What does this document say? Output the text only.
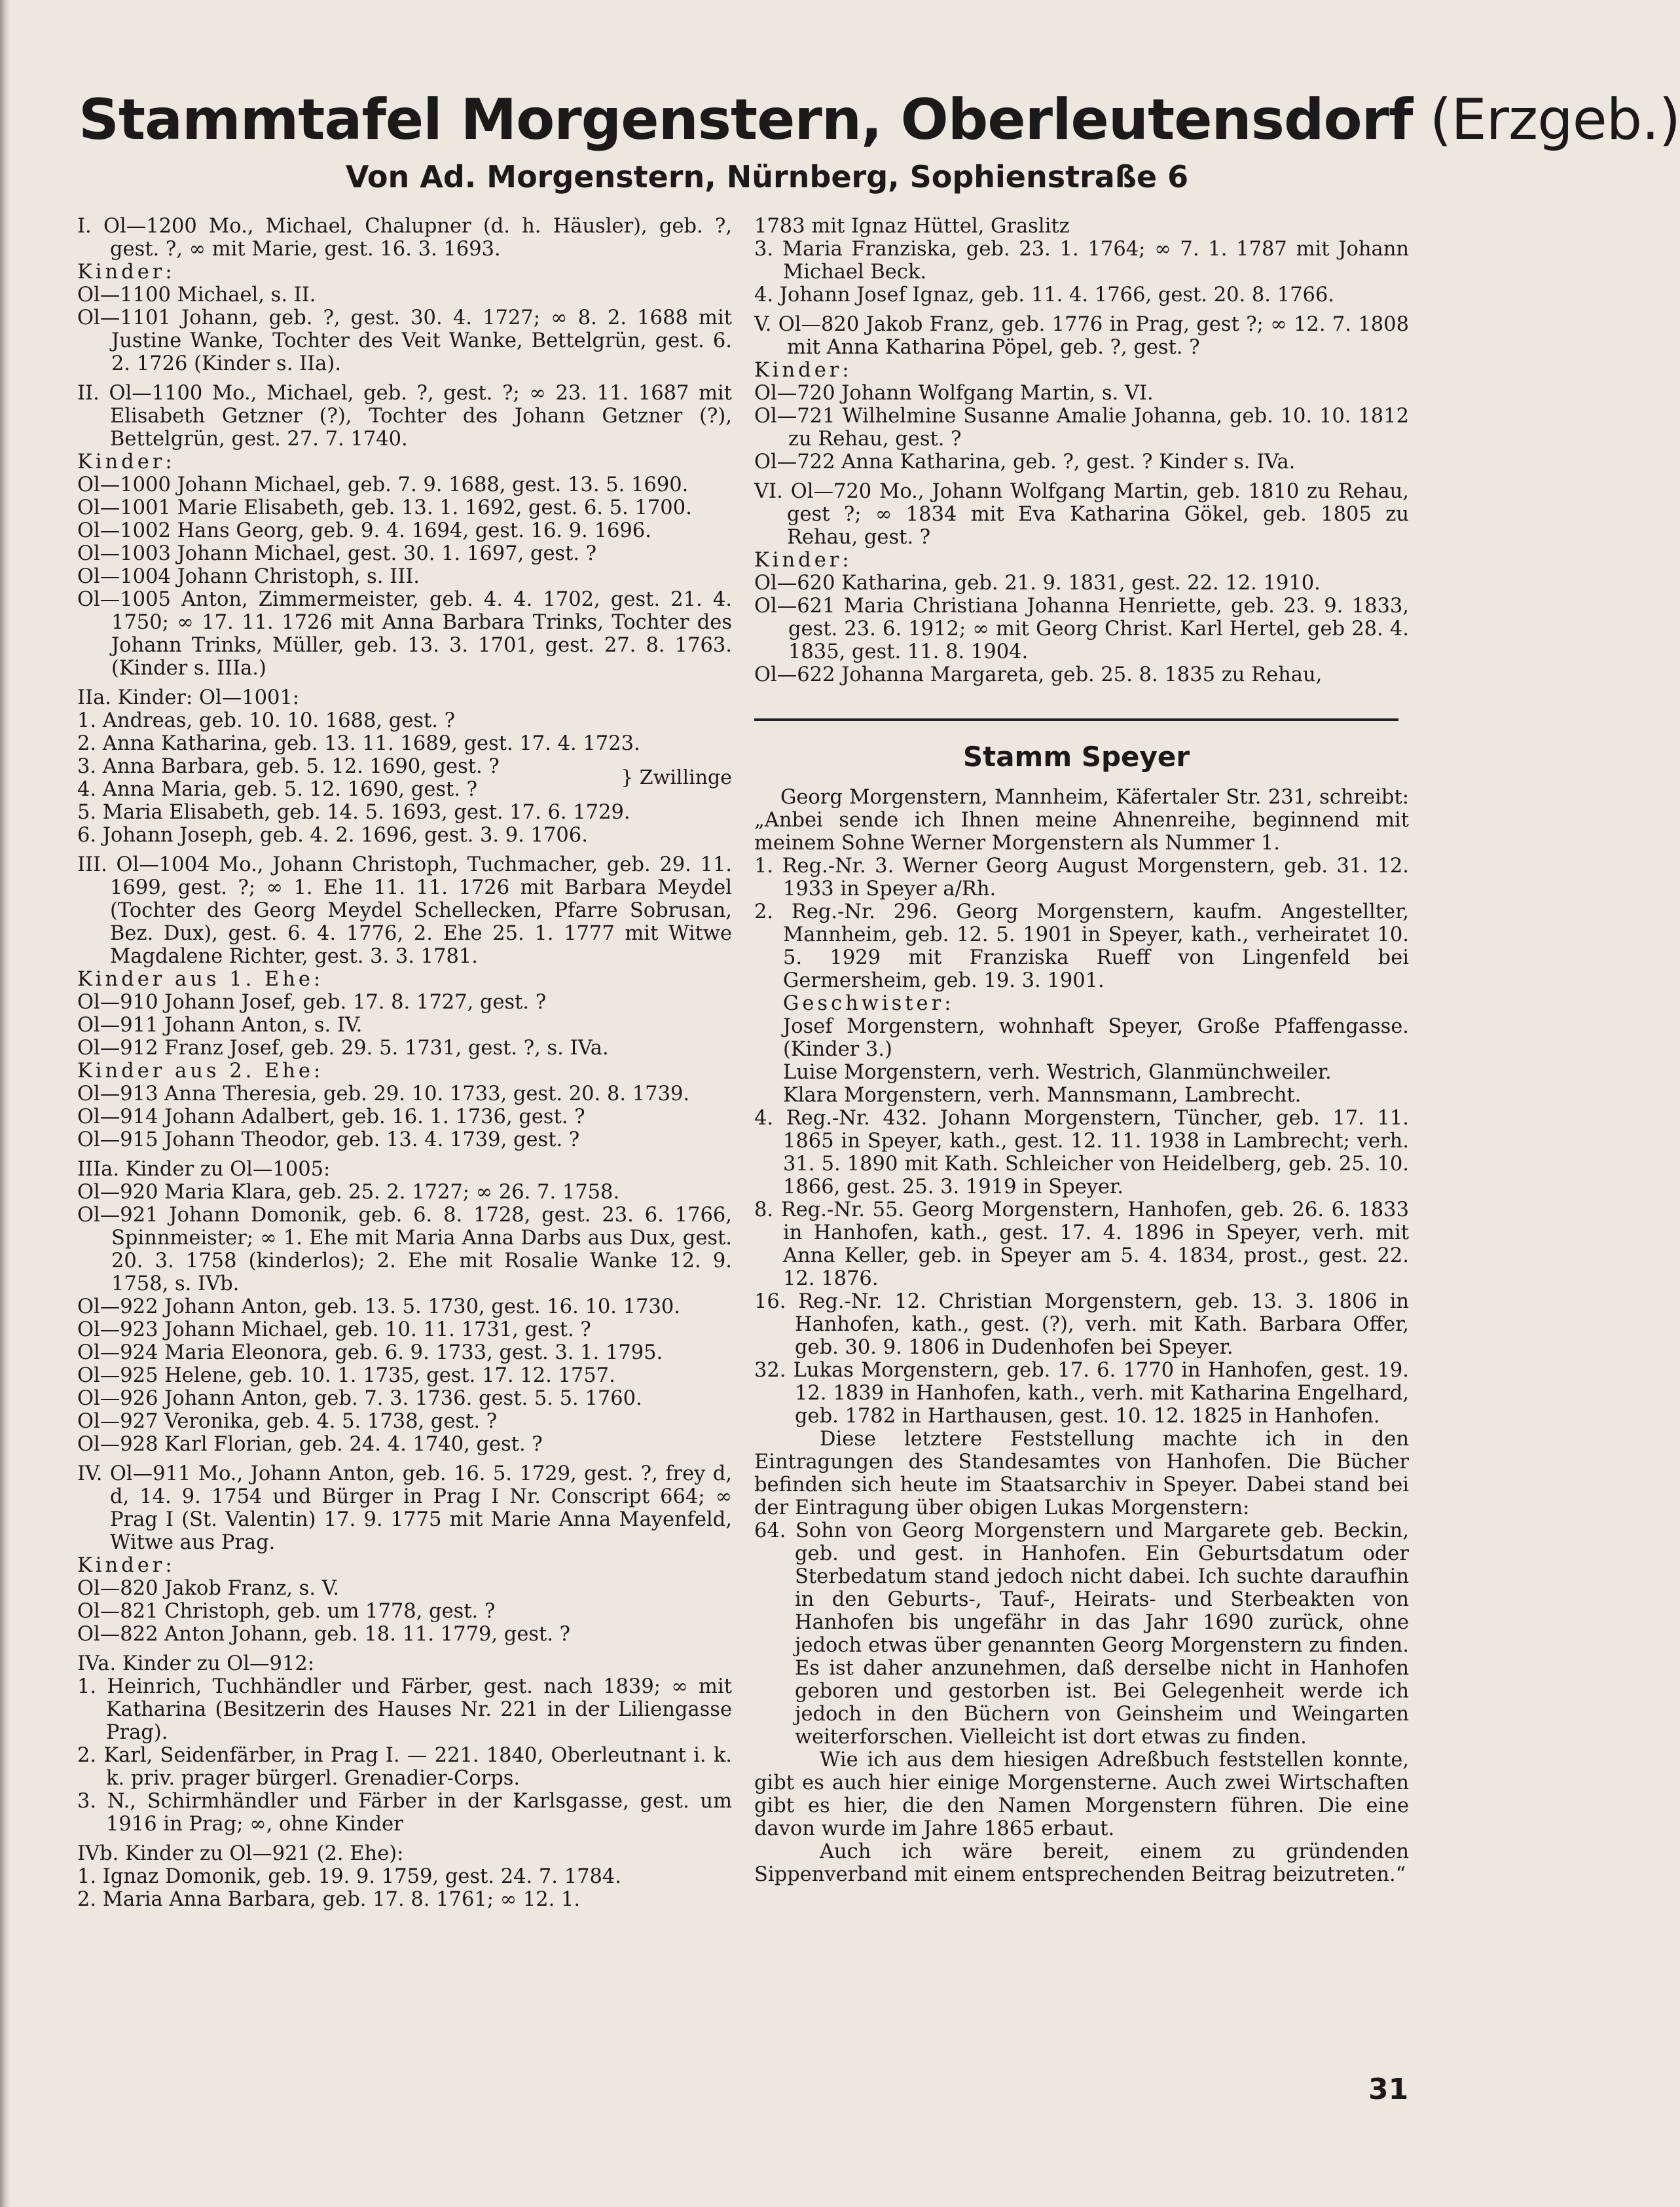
Stammtafel Morgenstern, Oberleutensdorf (Erzgeb.)
Von Ad. Morgenstern, Nürnberg, Sophienstraße 6

I. Ol—1200 Mo., Michael, Chalupner (d. h. Häusler), geb. ?, gest. ?, ∞ mit Marie, gest. 16. 3. 1693.

Kinder:

Ol—1100 Michael, s. II.

Ol—1101 Johann, geb. ?, gest. 30. 4. 1727; ∞ 8. 2. 1688 mit Justine Wanke, Tochter des Veit Wanke, Bettelgrün, gest. 6. 2. 1726 (Kinder s. IIa).

II. Ol—1100 Mo., Michael, geb. ?, gest. ?; ∞ 23. 11. 1687 mit Elisabeth Getzner (?), Tochter des Johann Getzner (?), Bettelgrün, gest. 27. 7. 1740.

Kinder:

Ol—1000 Johann Michael, geb. 7. 9. 1688, gest. 13. 5. 1690.

Ol—1001 Marie Elisabeth, geb. 13. 1. 1692, gest. 6. 5. 1700.

Ol—1002 Hans Georg, geb. 9. 4. 1694, gest. 16. 9. 1696.

Ol—1003 Johann Michael, gest. 30. 1. 1697, gest. ?

Ol—1004 Johann Christoph, s. III.

Ol—1005 Anton, Zimmermeister, geb. 4. 4. 1702, gest. 21. 4. 1750; ∞ 17. 11. 1726 mit Anna Barbara Trinks, Tochter des Johann Trinks, Müller, geb. 13. 3. 1701, gest. 27. 8. 1763. (Kinder s. IIIa.)

IIa. Kinder: Ol—1001:

1. Andreas, geb. 10. 10. 1688, gest. ?

2. Anna Katharina, geb. 13. 11. 1689, gest. 17. 4. 1723.

} Zwillinge

3. Anna Barbara, geb. 5. 12. 1690, gest. ?

4. Anna Maria, geb. 5. 12. 1690, gest. ?

5. Maria Elisabeth, geb. 14. 5. 1693, gest. 17. 6. 1729.

6. Johann Joseph, geb. 4. 2. 1696, gest. 3. 9. 1706.

III. Ol—1004 Mo., Johann Christoph, Tuchmacher, geb. 29. 11. 1699, gest. ?; ∞ 1. Ehe 11. 11. 1726 mit Barbara Meydel (Tochter des Georg Meydel Schellecken, Pfarre Sobrusan, Bez. Dux), gest. 6. 4. 1776, 2. Ehe 25. 1. 1777 mit Witwe Magdalene Richter, gest. 3. 3. 1781.

Kinder aus 1. Ehe:

Ol—910 Johann Josef, geb. 17. 8. 1727, gest. ?

Ol—911 Johann Anton, s. IV.

Ol—912 Franz Josef, geb. 29. 5. 1731, gest. ?, s. IVa.

Kinder aus 2. Ehe:

Ol—913 Anna Theresia, geb. 29. 10. 1733, gest. 20. 8. 1739.

Ol—914 Johann Adalbert, geb. 16. 1. 1736, gest. ?

Ol—915 Johann Theodor, geb. 13. 4. 1739, gest. ?

IIIa. Kinder zu Ol—1005:

Ol—920 Maria Klara, geb. 25. 2. 1727; ∞ 26. 7. 1758.

Ol—921 Johann Domonik, geb. 6. 8. 1728, gest. 23. 6. 1766, Spinnmeister; ∞ 1. Ehe mit Maria Anna Darbs aus Dux, gest. 20. 3. 1758 (kinderlos); 2. Ehe mit Rosalie Wanke 12. 9. 1758, s. IVb.

Ol—922 Johann Anton, geb. 13. 5. 1730, gest. 16. 10. 1730.

Ol—923 Johann Michael, geb. 10. 11. 1731, gest. ?

Ol—924 Maria Eleonora, geb. 6. 9. 1733, gest. 3. 1. 1795.

Ol—925 Helene, geb. 10. 1. 1735, gest. 17. 12. 1757.

Ol—926 Johann Anton, geb. 7. 3. 1736. gest. 5. 5. 1760.

Ol—927 Veronika, geb. 4. 5. 1738, gest. ?

Ol—928 Karl Florian, geb. 24. 4. 1740, gest. ?

IV. Ol—911 Mo., Johann Anton, geb. 16. 5. 1729, gest. ?, frey d, d, 14. 9. 1754 und Bürger in Prag I Nr. Conscript 664; ∞ Prag I (St. Valentin) 17. 9. 1775 mit Marie Anna Mayenfeld, Witwe aus Prag.

Kinder:

Ol—820 Jakob Franz, s. V.

Ol—821 Christoph, geb. um 1778, gest. ?

Ol—822 Anton Johann, geb. 18. 11. 1779, gest. ?

IVa. Kinder zu Ol—912:

1. Heinrich, Tuchhändler und Färber, gest. nach 1839; ∞ mit Katharina (Besitzerin des Hauses Nr. 221 in der Liliengasse Prag).

2. Karl, Seidenfärber, in Prag I. — 221. 1840, Oberleutnant i. k. k. priv. prager bürgerl. Grenadier-Corps.

3. N., Schirmhändler und Färber in der Karlsgasse, gest. um 1916 in Prag; ∞, ohne Kinder

IVb. Kinder zu Ol—921 (2. Ehe):

1. Ignaz Domonik, geb. 19. 9. 1759, gest. 24. 7. 1784.

2. Maria Anna Barbara, geb. 17. 8. 1761; ∞ 12. 1.

1783 mit Ignaz Hüttel, Graslitz

3. Maria Franziska, geb. 23. 1. 1764; ∞ 7. 1. 1787 mit Johann Michael Beck.

4. Johann Josef Ignaz, geb. 11. 4. 1766, gest. 20. 8. 1766.

V. Ol—820 Jakob Franz, geb. 1776 in Prag, gest ?; ∞ 12. 7. 1808 mit Anna Katharina Pöpel, geb. ?, gest. ?

Kinder:

Ol—720 Johann Wolfgang Martin, s. VI.

Ol—721 Wilhelmine Susanne Amalie Johanna, geb. 10. 10. 1812 zu Rehau, gest. ?

Ol—722 Anna Katharina, geb. ?, gest. ? Kinder s. IVa.

VI. Ol—720 Mo., Johann Wolfgang Martin, geb. 1810 zu Rehau, gest ?; ∞ 1834 mit Eva Katharina Gökel, geb. 1805 zu Rehau, gest. ?

Kinder:

Ol—620 Katharina, geb. 21. 9. 1831, gest. 22. 12. 1910.

Ol—621 Maria Christiana Johanna Henriette, geb. 23. 9. 1833, gest. 23. 6. 1912; ∞ mit Georg Christ. Karl Hertel, geb 28. 4. 1835, gest. 11. 8. 1904.

Ol—622 Johanna Margareta, geb. 25. 8. 1835 zu Rehau,

Stamm Speyer

Georg Morgenstern, Mannheim, Käfertaler Str. 231, schreibt: „Anbei sende ich Ihnen meine Ahnenreihe, beginnend mit meinem Sohne Werner Morgenstern als Nummer 1.

1. Reg.-Nr. 3. Werner Georg August Morgenstern, geb. 31. 12. 1933 in Speyer a/Rh.

2. Reg.-Nr. 296. Georg Morgenstern, kaufm. Angestellter, Mannheim, geb. 12. 5. 1901 in Speyer, kath., verheiratet 10. 5. 1929 mit Franziska Rueff von Lingenfeld bei Germersheim, geb. 19. 3. 1901.

Geschwister:

Josef Morgenstern, wohnhaft Speyer, Große Pfaffengasse. (Kinder 3.)

Luise Morgenstern, verh. Westrich, Glanmünchweiler.

Klara Morgenstern, verh. Mannsmann, Lambrecht.

4. Reg.-Nr. 432. Johann Morgenstern, Tüncher, geb. 17. 11. 1865 in Speyer, kath., gest. 12. 11. 1938 in Lambrecht; verh. 31. 5. 1890 mit Kath. Schleicher von Heidelberg, geb. 25. 10. 1866, gest. 25. 3. 1919 in Speyer.

8. Reg.-Nr. 55. Georg Morgenstern, Hanhofen, geb. 26. 6. 1833 in Hanhofen, kath., gest. 17. 4. 1896 in Speyer, verh. mit Anna Keller, geb. in Speyer am 5. 4. 1834, prost., gest. 22. 12. 1876.

16. Reg.-Nr. 12. Christian Morgenstern, geb. 13. 3. 1806 in Hanhofen, kath., gest. (?), verh. mit Kath. Barbara Offer, geb. 30. 9. 1806 in Dudenhofen bei Speyer.

32. Lukas Morgenstern, geb. 17. 6. 1770 in Hanhofen, gest. 19. 12. 1839 in Hanhofen, kath., verh. mit Katharina Engelhard, geb. 1782 in Harthausen, gest. 10. 12. 1825 in Hanhofen.

Diese letztere Feststellung machte ich in den Eintragungen des Standesamtes von Hanhofen. Die Bücher befinden sich heute im Staatsarchiv in Speyer. Dabei stand bei der Eintragung über obigen Lukas Morgenstern:

64. Sohn von Georg Morgenstern und Margarete geb. Beckin, geb. und gest. in Hanhofen. Ein Geburtsdatum oder Sterbedatum stand jedoch nicht dabei. Ich suchte daraufhin in den Geburts-, Tauf-, Heirats- und Sterbeakten von Hanhofen bis ungefähr in das Jahr 1690 zurück, ohne jedoch etwas über genannten Georg Morgenstern zu finden. Es ist daher anzunehmen, daß derselbe nicht in Hanhofen geboren und gestorben ist. Bei Gelegenheit werde ich jedoch in den Büchern von Geinsheim und Weingarten weiterforschen. Vielleicht ist dort etwas zu finden.

Wie ich aus dem hiesigen Adreßbuch feststellen konnte, gibt es auch hier einige Morgensterne. Auch zwei Wirtschaften gibt es hier, die den Namen Morgenstern führen. Die eine davon wurde im Jahre 1865 erbaut.

Auch ich wäre bereit, einem zu gründenden Sippenverband mit einem entsprechenden Beitrag beizutreten.“

31
